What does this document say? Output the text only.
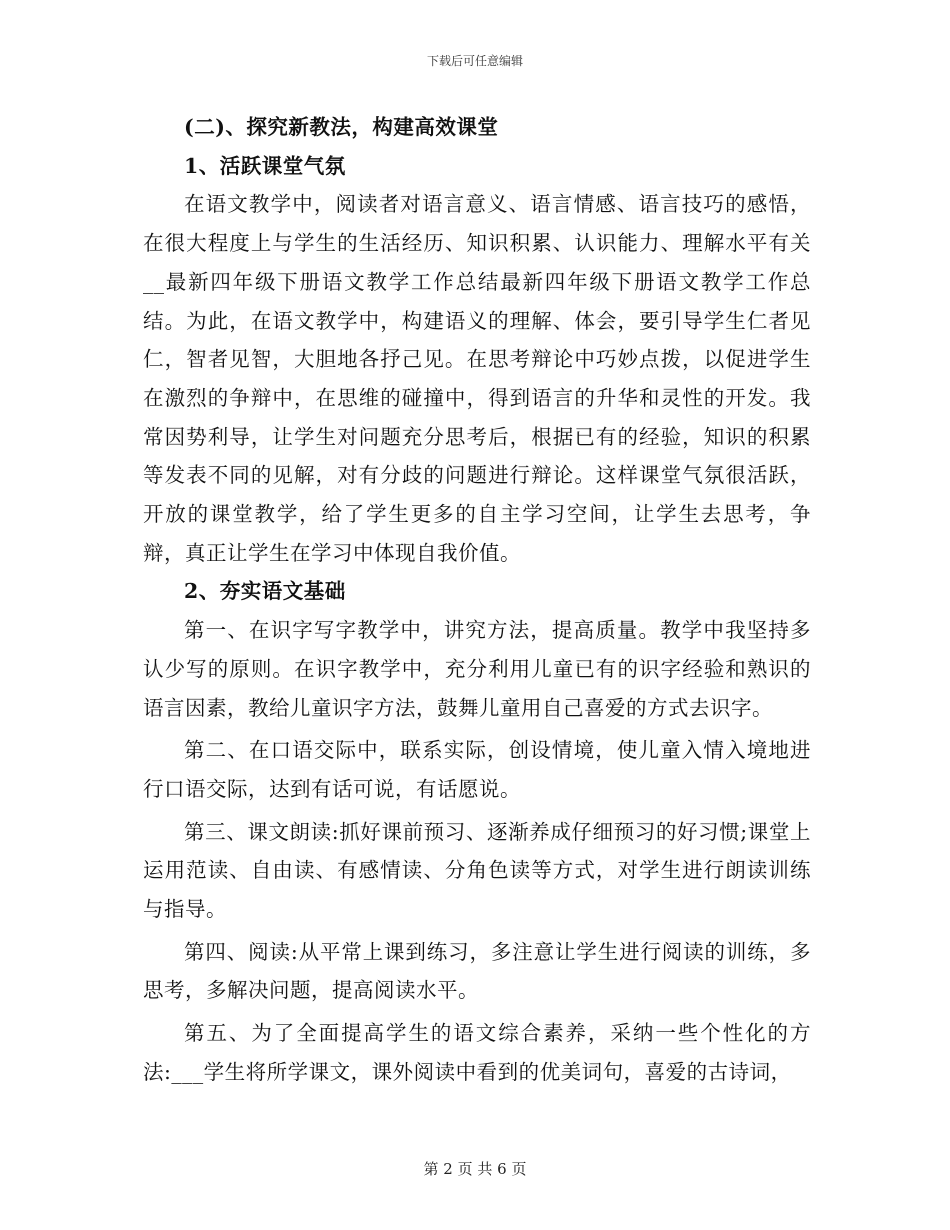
下载后可任意编辑

(二)、探究新教法，构建高效课堂

1、活跃课堂气氛

在语文教学中，阅读者对语言意义、语言情感、语言技巧的感悟，在很大程度上与学生的生活经历、知识积累、认识能力、理解水平有关__最新四年级下册语文教学工作总结最新四年级下册语文教学工作总结。为此，在语文教学中，构建语义的理解、体会，要引导学生仁者见仁，智者见智，大胆地各抒己见。在思考辩论中巧妙点拨，以促进学生在激烈的争辩中，在思维的碰撞中，得到语言的升华和灵性的开发。我常因势利导，让学生对问题充分思考后，根据已有的经验，知识的积累等发表不同的见解，对有分歧的问题进行辩论。这样课堂气氛很活跃，开放的课堂教学，给了学生更多的自主学习空间，让学生去思考，争辩，真正让学生在学习中体现自我价值。

2、夯实语文基础

第一、在识字写字教学中，讲究方法，提高质量。教学中我坚持多认少写的原则。在识字教学中，充分利用儿童已有的识字经验和熟识的语言因素，教给儿童识字方法，鼓舞儿童用自己喜爱的方式去识字。

第二、在口语交际中，联系实际，创设情境，使儿童入情入境地进行口语交际，达到有话可说，有话愿说。

第三、课文朗读:抓好课前预习、逐渐养成仔细预习的好习惯;课堂上运用范读、自由读、有感情读、分角色读等方式，对学生进行朗读训练与指导。

第四、阅读:从平常上课到练习，多注意让学生进行阅读的训练，多思考，多解决问题，提高阅读水平。

第五、为了全面提高学生的语文综合素养，采纳一些个性化的方法:___学生将所学课文，课外阅读中看到的优美词句，喜爱的古诗词，

第 2 页 共 6 页
